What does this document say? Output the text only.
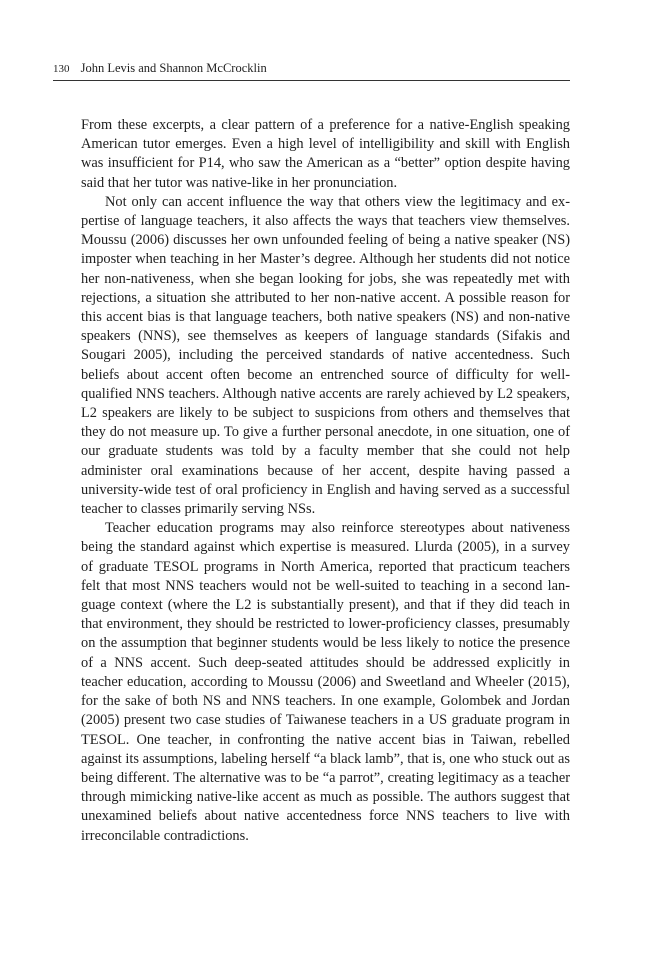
130 John Levis and Shannon McCrocklin

From these excerpts, a clear pattern of a preference for a native-English speaking American tutor emerges. Even a high level of intelligibility and skill with English was insufficient for P14, who saw the American as a “better” option despite having said that her tutor was native-like in her pronunciation.

Not only can accent influence the way that others view the legitimacy and expertise of language teachers, it also affects the ways that teachers view themselves. Moussu (2006) discusses her own unfounded feeling of being a native speaker (NS) imposter when teaching in her Master’s degree. Although her students did not notice her non-nativeness, when she began looking for jobs, she was repeatedly met with rejections, a situation she attributed to her non-native accent. A possible reason for this accent bias is that language teachers, both native speakers (NS) and non-native speakers (NNS), see themselves as keepers of language standards (Sifakis and Sougari 2005), including the perceived standards of native accentedness. Such beliefs about accent often become an entrenched source of difficulty for well-qualified NNS teachers. Although native accents are rarely achieved by L2 speakers, L2 speakers are likely to be subject to suspicions from others and themselves that they do not measure up. To give a further personal anecdote, in one situation, one of our graduate students was told by a faculty member that she could not help administer oral examinations because of her accent, despite having passed a university-wide test of oral proficiency in English and having served as a successful teacher to classes primarily serving NSs.

Teacher education programs may also reinforce stereotypes about nativeness being the standard against which expertise is measured. Llurda (2005), in a survey of graduate TESOL programs in North America, reported that practicum teachers felt that most NNS teachers would not be well-suited to teaching in a second language context (where the L2 is substantially present), and that if they did teach in that environment, they should be restricted to lower-proficiency classes, presumably on the assumption that beginner students would be less likely to notice the presence of a NNS accent. Such deep-seated attitudes should be addressed explicitly in teacher education, according to Moussu (2006) and Sweetland and Wheeler (2015), for the sake of both NS and NNS teachers. In one example, Golombek and Jordan (2005) present two case studies of Taiwanese teachers in a US graduate program in TESOL. One teacher, in confronting the native accent bias in Taiwan, rebelled against its assumptions, labeling herself “a black lamb”, that is, one who stuck out as being different. The alternative was to be “a parrot”, creating legitimacy as a teacher through mimicking native-like accent as much as possible. The authors suggest that unexamined beliefs about native accentedness force NNS teachers to live with irreconcilable contradictions.
